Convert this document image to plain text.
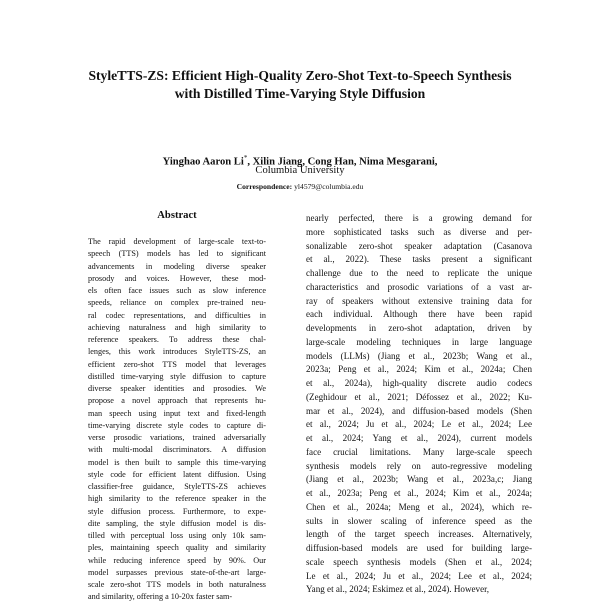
StyleTTS-ZS: Efficient High-Quality Zero-Shot Text-to-Speech Synthesis
with Distilled Time-Varying Style Diffusion
Yinghao Aaron Li*, Xilin Jiang, Cong Han, Nima Mesgarani,
Columbia University
Correspondence: yl4579@columbia.edu
Abstract
The rapid development of large-scale text-to-
speech (TTS) models has led to significant
advancements in modeling diverse speaker
prosody and voices. However, these mod-
els often face issues such as slow inference
speeds, reliance on complex pre-trained neu-
ral codec representations, and difficulties in
achieving naturalness and high similarity to
reference speakers. To address these chal-
lenges, this work introduces StyleTTS-ZS, an
efficient zero-shot TTS model that leverages
distilled time-varying style diffusion to capture
diverse speaker identities and prosodies. We
propose a novel approach that represents hu-
man speech using input text and fixed-length
time-varying discrete style codes to capture di-
verse prosodic variations, trained adversarially
with multi-modal discriminators. A diffusion
model is then built to sample this time-varying
style code for efficient latent diffusion. Using
classifier-free guidance, StyleTTS-ZS achieves
high similarity to the reference speaker in the
style diffusion process. Furthermore, to expe-
dite sampling, the style diffusion model is dis-
tilled with perceptual loss using only 10k sam-
ples, maintaining speech quality and similarity
while reducing inference speed by 90%. Our
model surpasses previous state-of-the-art large-
scale zero-shot TTS models in both naturalness
and similarity, offering a 10-20x faster sam-
nearly perfected, there is a growing demand for
more sophisticated tasks such as diverse and per-
sonalizable zero-shot speaker adaptation (Casanova
et al., 2022). These tasks present a significant
challenge due to the need to replicate the unique
characteristics and prosodic variations of a vast ar-
ray of speakers without extensive training data for
each individual. Although there have been rapid
developments in zero-shot adaptation, driven by
large-scale modeling techniques in large language
models (LLMs) (Jiang et al., 2023b; Wang et al.,
2023a; Peng et al., 2024; Kim et al., 2024a; Chen
et al., 2024a), high-quality discrete audio codecs
(Zeghidour et al., 2021; Défossez et al., 2022; Ku-
mar et al., 2024), and diffusion-based models (Shen
et al., 2024; Ju et al., 2024; Le et al., 2024; Lee
et al., 2024; Yang et al., 2024), current models
face crucial limitations. Many large-scale speech
synthesis models rely on auto-regressive modeling
(Jiang et al., 2023b; Wang et al., 2023a,c; Jiang
et al., 2023a; Peng et al., 2024; Kim et al., 2024a;
Chen et al., 2024a; Meng et al., 2024), which re-
sults in slower scaling of inference speed as the
length of the target speech increases. Alternatively,
diffusion-based models are used for building large-
scale speech synthesis models (Shen et al., 2024;
Le et al., 2024; Ju et al., 2024; Lee et al., 2024;
Yang et al., 2024; Eskimez et al., 2024). However,
